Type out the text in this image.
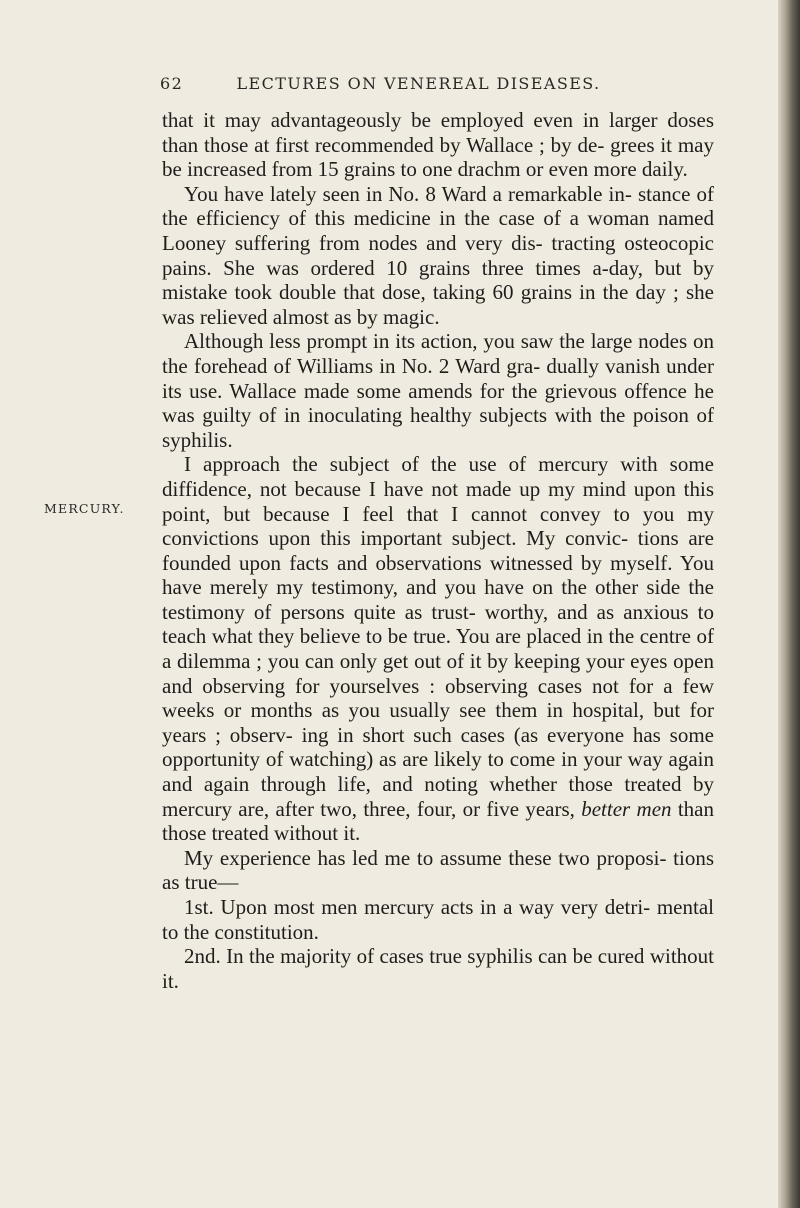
62	LECTURES ON VENEREAL DISEASES.
MERCURY.

that it may advantageously be employed even in larger doses than those at first recommended by Wallace ; by de- grees it may be increased from 15 grains to one drachm or even more daily.

You have lately seen in No. 8 Ward a remarkable in- stance of the efficiency of this medicine in the case of a woman named Looney suffering from nodes and very dis- tracting osteocopic pains. She was ordered 10 grains three times a-day, but by mistake took double that dose, taking 60 grains in the day ; she was relieved almost as by magic.

Although less prompt in its action, you saw the large nodes on the forehead of Williams in No. 2 Ward gra- dually vanish under its use. Wallace made some amends for the grievous offence he was guilty of in inoculating healthy subjects with the poison of syphilis.

I approach the subject of the use of mercury with some diffidence, not because I have not made up my mind upon this point, but because I feel that I cannot convey to you my convictions upon this important subject. My convic- tions are founded upon facts and observations witnessed by myself. You have merely my testimony, and you have on the other side the testimony of persons quite as trust- worthy, and as anxious to teach what they believe to be true. You are placed in the centre of a dilemma ; you can only get out of it by keeping your eyes open and observing for yourselves : observing cases not for a few weeks or months as you usually see them in hospital, but for years ; observ- ing in short such cases (as everyone has some opportunity of watching) as are likely to come in your way again and again through life, and noting whether those treated by mercury are, after two, three, four, or five years, better men than those treated without it.

My experience has led me to assume these two proposi- tions as true—

1st. Upon most men mercury acts in a way very detri- mental to the constitution.

2nd. In the majority of cases true syphilis can be cured without it.
